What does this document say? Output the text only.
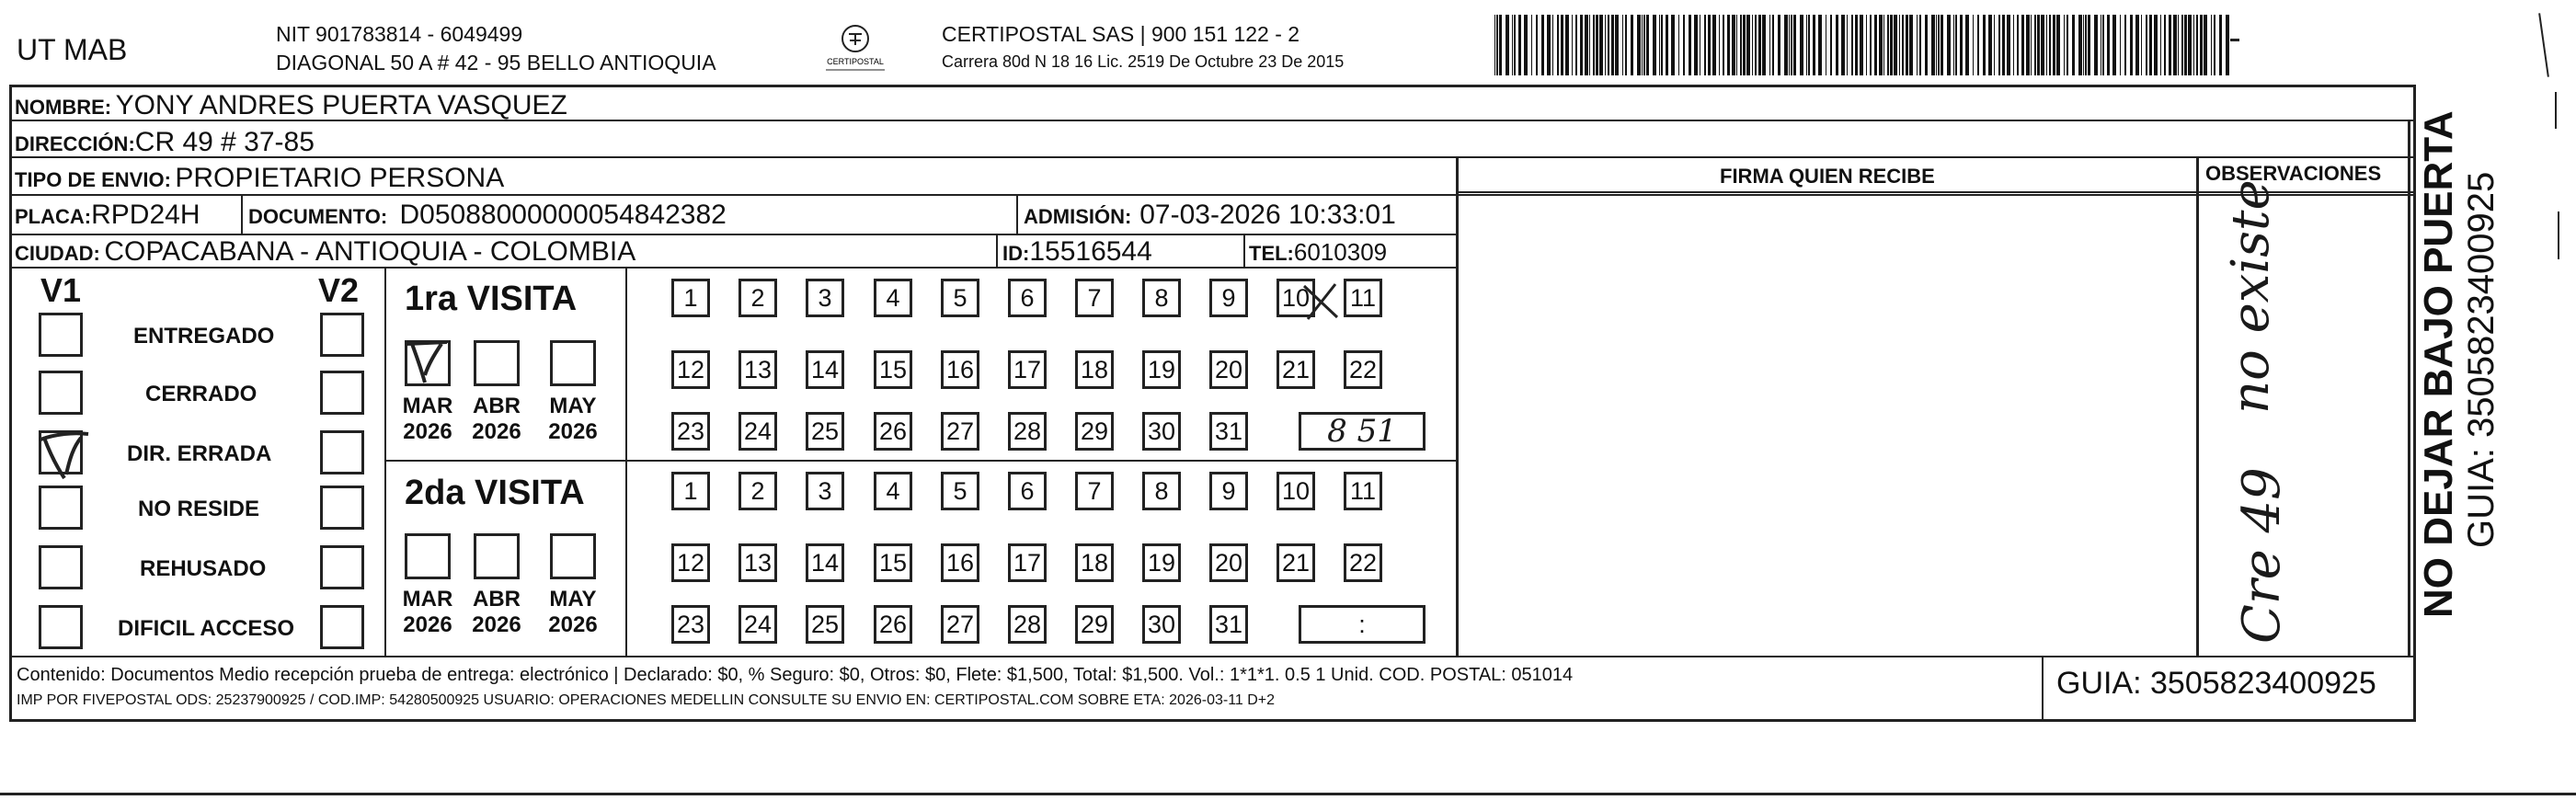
UT MAB	NIT 901783814 - 6049499
DIAGONAL 50 A # 42 - 95 BELLO ANTIOQUIA	CERTIPOSTAL
CERTIPOSTAL SAS | 900 151 122 - 2
Carrera 80d N 18 16 Lic. 2519 De Octubre 23 De 2015
NOMBRE: YONY ANDRES PUERTA VASQUEZ
DIRECCIÓN:CR 49 # 37-85
TIPO DE ENVIO: PROPIETARIO PERSONA
PLACA:RPD24H DOCUMENTO: D05088000000054842382	ADMISIÓN: 07-03-2026 10:33:01
CIUDAD: COPACABANA - ANTIOQUIA - COLOMBIA	ID:15516544	TEL:6010309
FIRMA QUIEN RECIBE	OBSERVACIONES
V1	V2
ENTREGADO
CERRADO
DIR. ERRADA
NO RESIDE
REHUSADO
DIFICIL ACCESO
1ra VISITA
2da VISITA
MAR
2026
ABR
2026
MAY
2026
1	2	3	4	5	6	7	8	9	10 11
12 13 14 15 16 17 18 19 20 21 22
23 24 25 26 27 28 29 30 31	8 51
MAR
2026
ABR
2026
MAY
2026
1	2	3	4	5	6	7	8	9	10 11
12 13 14 15 16 17 18 19 20 21 22
23 24 25 26 27 28 29 30 31	:
no existe
Cre 49	NO DEJAR BAJO PUERTA GUIA: 3505823400925
Contenido: Documentos Medio recepción prueba de entrega: electrónico | Declarado: $0, % Seguro: $0, Otros: $0, Flete: $1,500, Total: $1,500. Vol.: 1*1*1. 0.5 1 Unid. COD. POSTAL: 051014
IMP POR FIVEPOSTAL ODS: 25237900925 / COD.IMP: 54280500925 USUARIO: OPERACIONES MEDELLIN CONSULTE SU ENVIO EN: CERTIPOSTAL.COM SOBRE ETA: 2026-03-11 D+2	GUIA: 3505823400925
